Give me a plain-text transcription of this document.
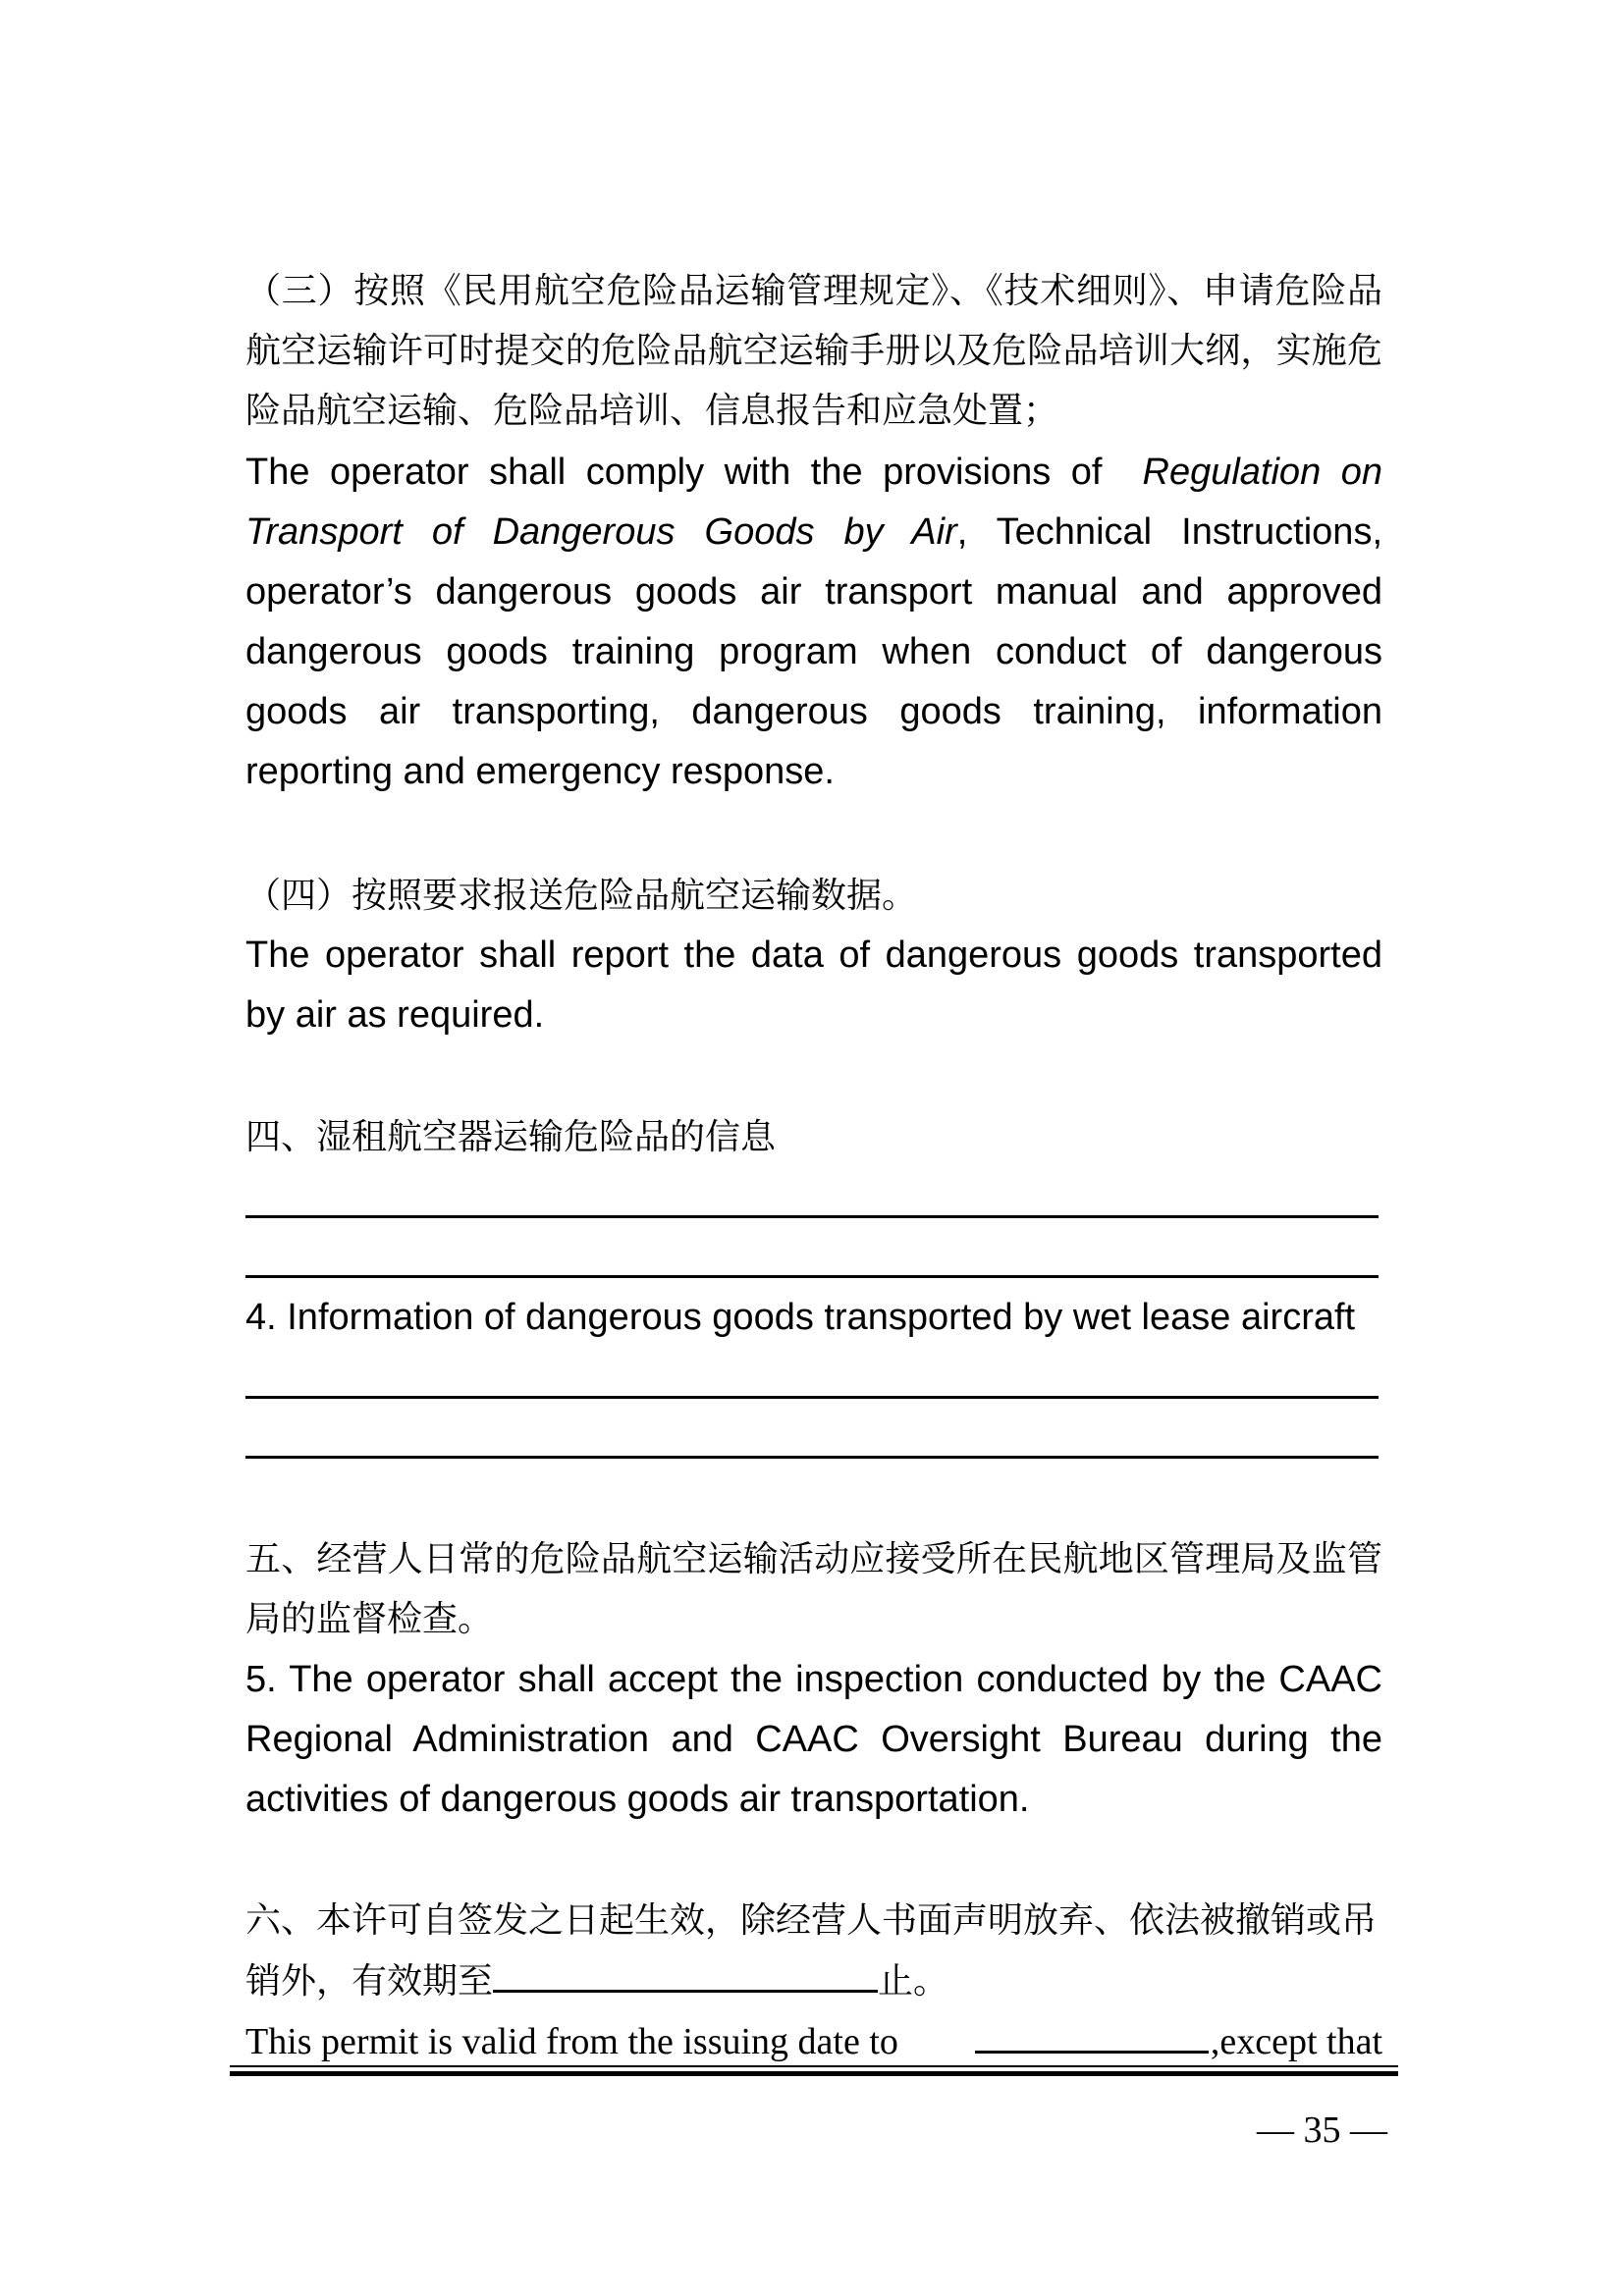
（三）按照《民用航空危险品运输管理规定》、《技术细则》、申请危险品航空运输许可时提交的危险品航空运输手册以及危险品培训大纲，实施危险品航空运输、危险品培训、信息报告和应急处置；

The operator shall comply with the provisions of Regulation on Transport of Dangerous Goods by Air, Technical Instructions, operator’s dangerous goods air transport manual and approved dangerous goods training program when conduct of dangerous goods air transporting, dangerous goods training, information reporting and emergency response.

（四）按照要求报送危险品航空运输数据。

The operator shall report the data of dangerous goods transported by air as required.

四、湿租航空器运输危险品的信息

4. Information of dangerous goods transported by wet lease aircraft

五、经营人日常的危险品航空运输活动应接受所在民航地区管理局及监管局的监督检查。

5. The operator shall accept the inspection conducted by the CAAC Regional Administration and CAAC Oversight Bureau during the activities of dangerous goods air transportation.

六、本许可自签发之日起生效，除经营人书面声明放弃、依法被撤销或吊销外，有效期至	止。

This permit is valid from the issuing date to	,except that

— 35 —
